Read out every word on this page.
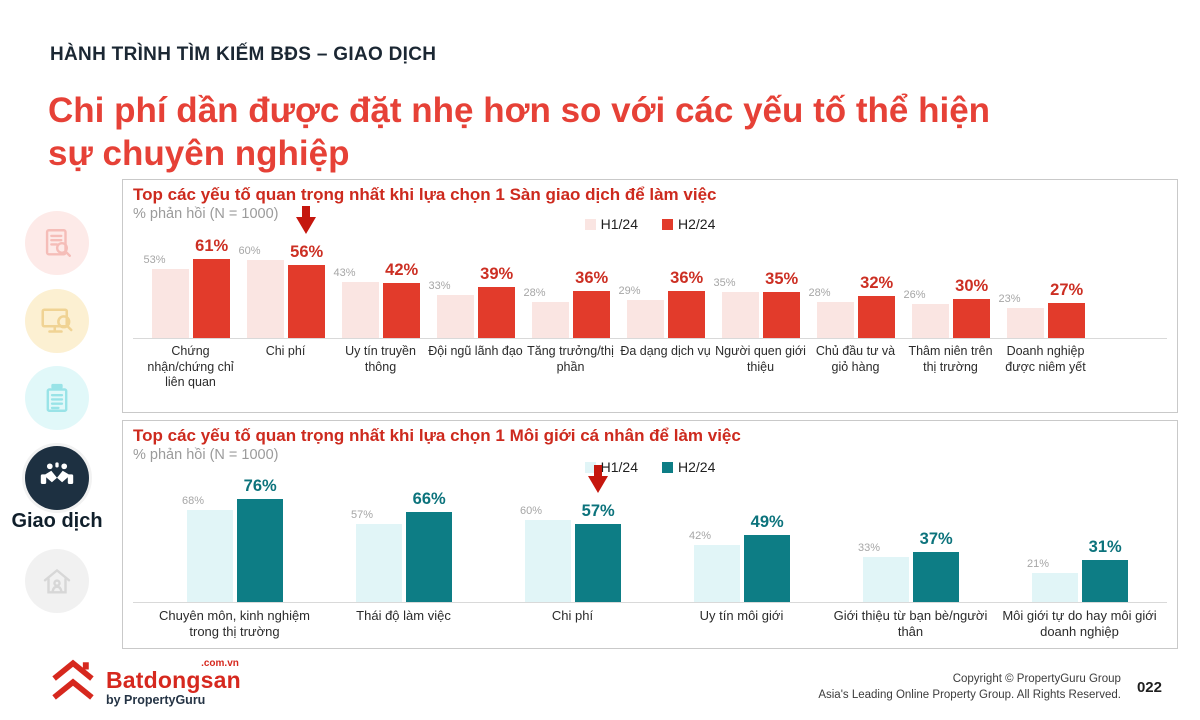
HÀNH TRÌNH TÌM KIẾM BĐS – GIAO DỊCH
Chi phí dần được đặt nhẹ hơn so với các yếu tố thể hiện
sự chuyên nghiệp
Giao dịch
Top các yếu tố quan trọng nhất khi lựa chọn 1 Sàn giao dịch để làm việc
% phản hồi (N = 1000)
H1/24	H2/24
53%
61% 60% 56%
43% 42%
33%
39%
28%
36%
29%
36% 35% 35%
28%
32%
26% 30%
23% 27%
Chứng nhận/chứng chỉ liên quan
Chi phí	Uy tín truyền thông
Đội ngũ lãnh đạo Tăng trưởng/thị phần
Đa dạng dịch vụ Người quen giới thiệu
Chủ đầu tư và giỏ hàng
Thâm niên trên thị trường
Doanh nghiệp được niêm yết
Top các yếu tố quan trọng nhất khi lựa chọn 1 Môi giới cá nhân để làm việc
% phản hồi (N = 1000)
H1/24	H2/24
68%
76%
57%
66%
60% 57%
42%
49%
33% 37%
21%
31%
Chuyên môn, kinh nghiệm trong thị trường
Thái độ làm việc	Chi phí	Uy tín môi giới	Giới thiệu từ bạn bè/người thân
Môi giới tự do hay môi giới doanh nghiệp
.com.vn
Batdongsan
by PropertyGuru
Copyright © PropertyGuru Group
Asia's Leading Online Property Group. All Rights Reserved. 022
